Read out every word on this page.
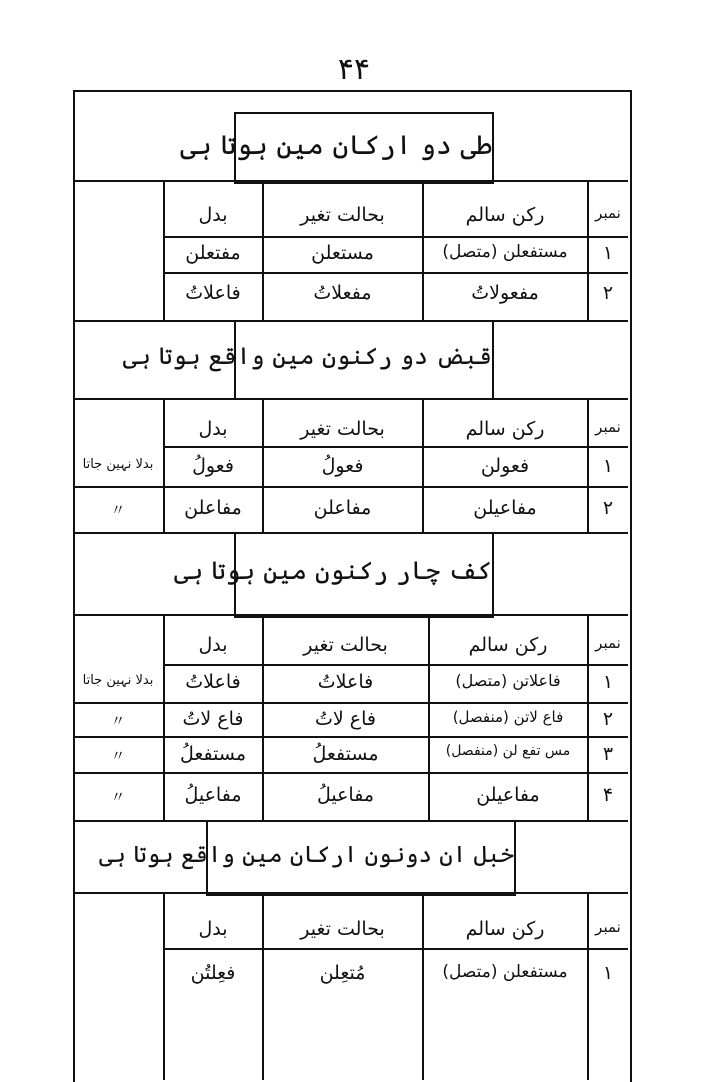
۴۴
طی دو ارکان مین ہوتا ہی
نمبر
رکن سالم
بحالت تغیر
بدل
۱
مستفعلن (متصل)
مستعلن
مفتعلن
۲
مفعولاتُ
مفعلاتُ
فاعلاتُ
قبض دو رکنون مین واقع ہوتا ہی
نمبر
رکن سالم
بحالت تغیر
بدل
۱
فعولن
فعولُ
فعولُ
بدلا نہین جاتا
۲
مفاعیلن
مفاعلن
مفاعلن
〃
کف چار رکنون مین ہوتا ہی
نمبر
رکن سالم
بحالت تغیر
بدل
۱
فاعلاتن (متصل)
فاعلاتُ
فاعلاتُ
بدلا نہین جاتا
۲
فاع لاتن (منفصل)
فاع لاتُ
فاع لاتُ
〃
۳
مس تفع لن (منفصل)
مستفعلُ
مستفعلُ
〃
۴
مفاعیلن
مفاعیلُ
مفاعیلُ
〃
خبل ان دونون ارکان مین واقع ہوتا ہی
نمبر
رکن سالم
بحالت تغیر
بدل
۱
مستفعلن (متصل)
مُتعِلن
فعِلتُن
